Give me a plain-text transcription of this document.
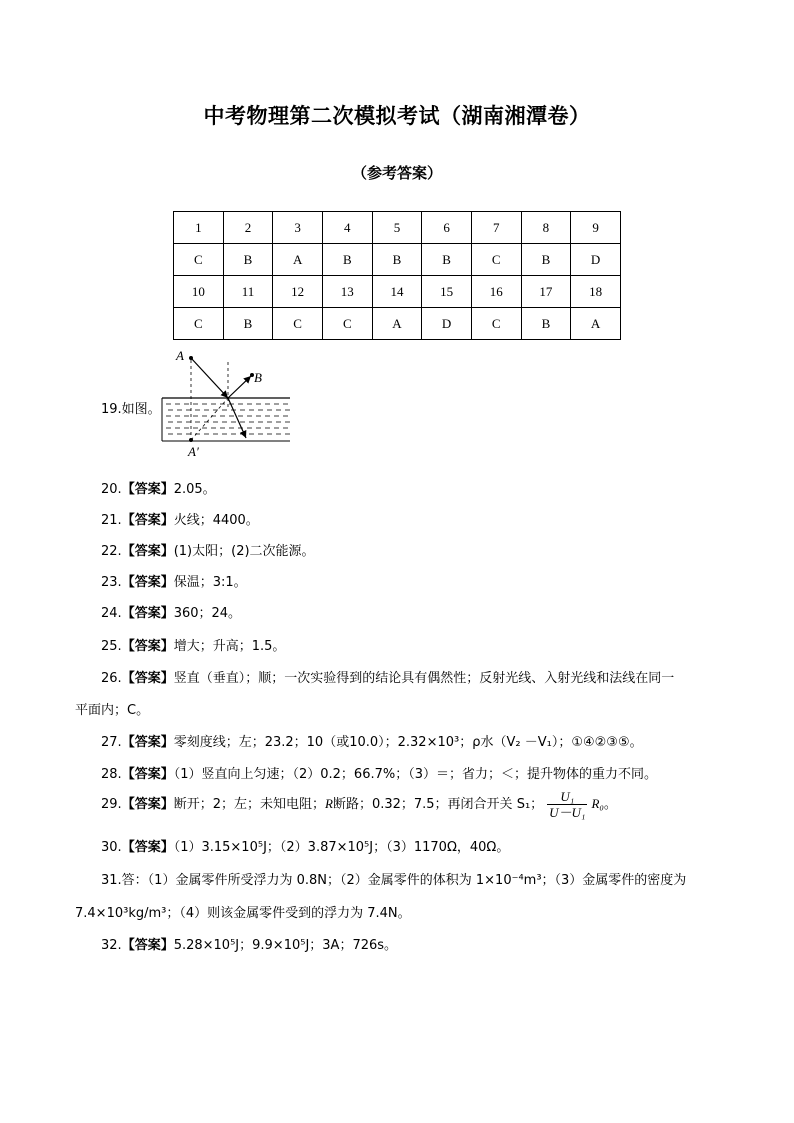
中考物理第二次模拟考试（湖南湘潭卷）
（参考答案）
1	2	3	4	5	6	7	8	9
C	B	A	B	B	B	C	B	D
10	11	12	13	14	15	16	17	18
C	B	C	C	A	D	C	B	A
19.如图。
A
B
A′
20.【答案】2.05。
21.【答案】火线；4400。
22.【答案】(1)太阳；(2)二次能源。
23.【答案】保温；3:1。
24.【答案】360；24。
25.【答案】增大；升高；1.5。
26.【答案】竖直（垂直）；顺；一次实验得到的结论具有偶然性；反射光线、入射光线和法线在同一
平面内；C。
27.【答案】零刻度线；左；23.2；10（或10.0）；2.32×10³；ρ水（V₂ －V₁）；①④②③⑤。
28.【答案】（1）竖直向上匀速；（2）0.2；66.7%；（3）＝；省力；＜；提升物体的重力不同。
29.【答案】断开；2；左；未知电阻；R断路；0.32；7.5；再闭合开关 S₁； $\frac{\text{U₁}}{\text{U－U₁}} R_0$。
30.【答案】（1）3.15×10⁵J；（2）3.87×10⁵J；（3）1170Ω，40Ω。
31.答：（1）金属零件所受浮力为 0.8N；（2）金属零件的体积为 1×10⁻⁴m³；（3）金属零件的密度为
7.4×10³kg/m³；（4）则该金属零件受到的浮力为 7.4N。
32.【答案】5.28×10⁵J；9.9×10⁵J；3A；726s。
